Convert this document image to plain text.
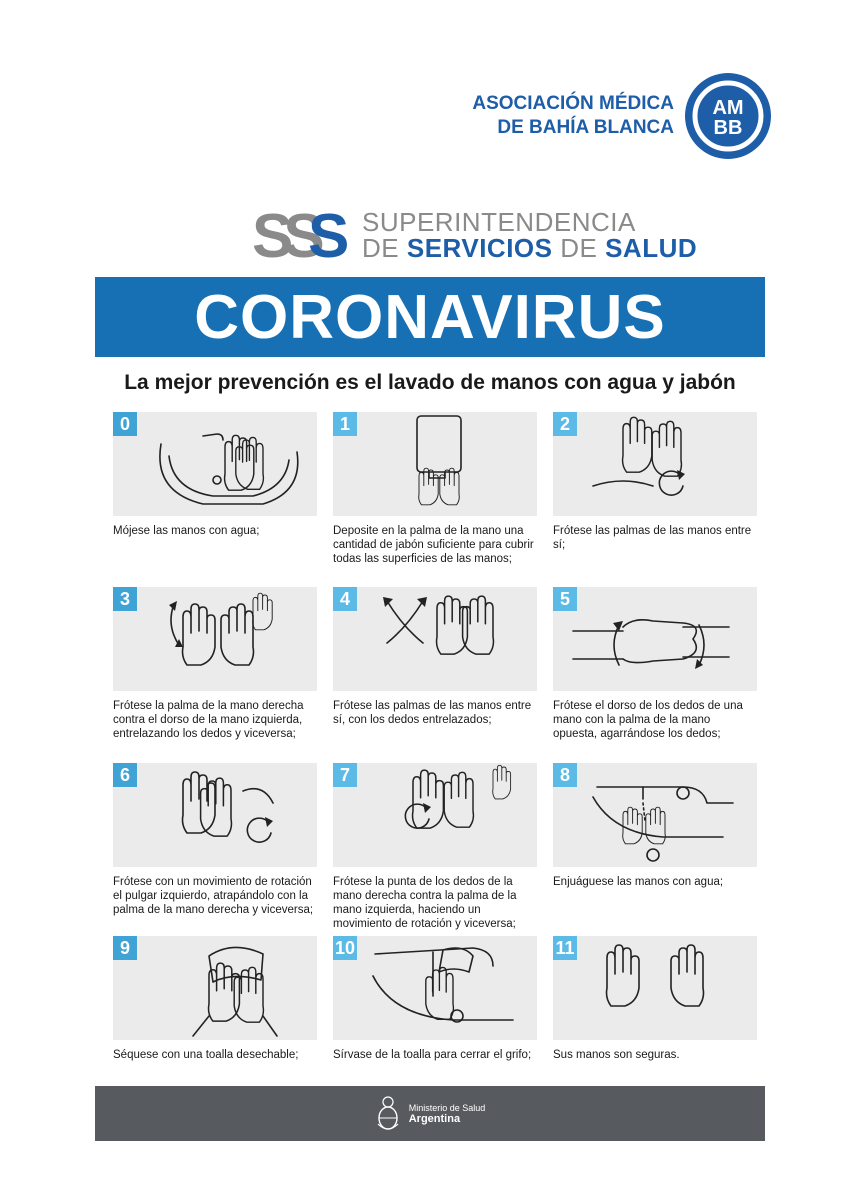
ASOCIACIÓN MÉDICA
DE BAHÍA BLANCA
AM
BB
SS
S SUPERINTENDENCIA
DE SERVICIOS DE SALUD
CORONAVIRUS
La mejor prevención es el lavado de manos con agua y jabón
0
Mójese las manos con agua;
1
Deposite en la palma de la mano una cantidad de jabón suficiente para cubrir todas las superficies de las manos;
2
Frótese las palmas de las manos entre sí;
3
Frótese la palma de la mano derecha contra el dorso de la mano izquierda, entrelazando los dedos y viceversa;
4
Frótese las palmas de las manos entre sí, con los dedos entrelazados;
5
Frótese el dorso de los dedos de una mano con la palma de la mano opuesta, agarrándose los dedos;
6
Frótese con un movimiento de rotación el pulgar izquierdo, atrapándolo con la palma de la mano derecha y viceversa;
7
Frótese la punta de los dedos de la mano derecha contra la palma de la mano izquierda, haciendo un movimiento de rotación y viceversa;
8
Enjuáguese las manos con agua;
9
Séquese con una toalla desechable;
10
Sírvase de la toalla para cerrar el grifo;
11
Sus manos son seguras.
Ministerio de Salud
Argentina
